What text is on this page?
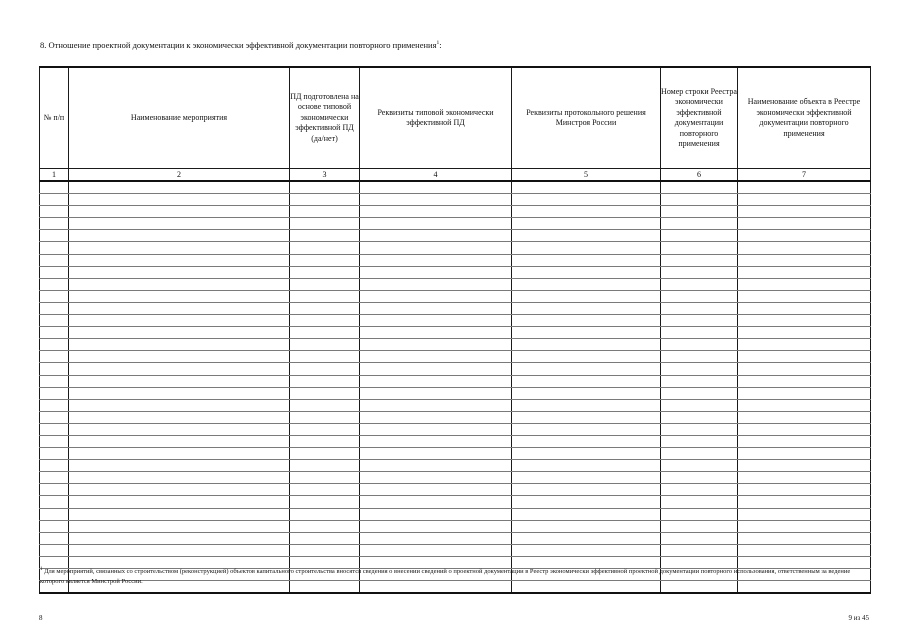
8. Отношение проектной документации к экономически эффективной документации повторного применения$^1$:
№ п/п	Наименование мероприятия	ПД подготовлена на основе типовой экономически эффективной ПД (да/нет)	Реквизиты типовой экономически эффективной ПД	Реквизиты протокольного решения Минстроя России	Номер строки Реестра экономически эффективной документации повторного применения	Наименование объекта в Реестре экономически эффективной документации повторного применения
1	2	3	4	5	6	7

$^1$ Для мероприятий, связанных со строительством (реконструкцией) объектов капитального строительства вносятся сведения о внесении сведений о проектной документации в Реестр экономически эффективной проектной документации повторного использования, ответственным за ведение которого является Минстрой России.
8	9 из 45
